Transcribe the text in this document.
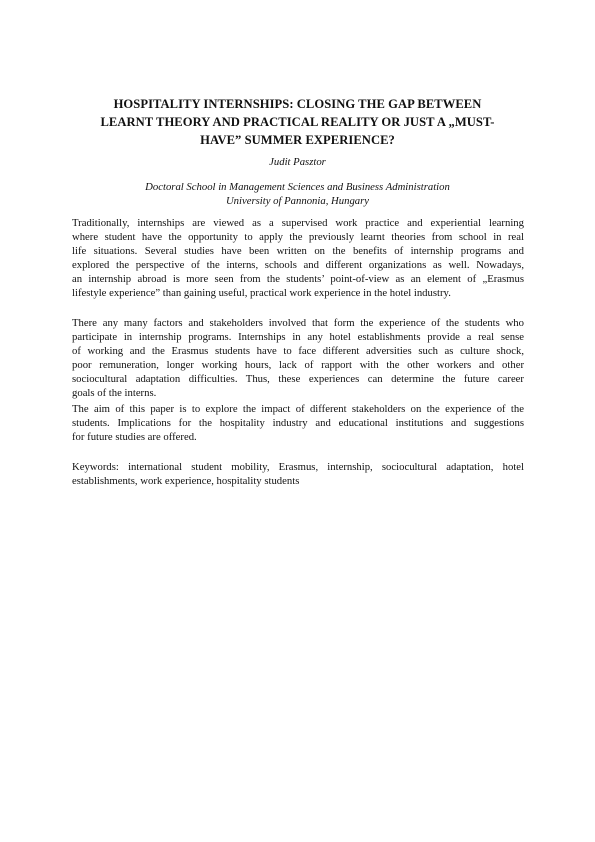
HOSPITALITY INTERNSHIPS: CLOSING THE GAP BETWEEN
LEARNT THEORY AND PRACTICAL REALITY OR JUST A „MUST-
HAVE” SUMMER EXPERIENCE?
Judit Pasztor
Doctoral School in Management Sciences and Business Administration
University of Pannonia, Hungary

Traditionally, internships are viewed as a supervised work practice and experiential learning
where student have the opportunity to apply the previously learnt theories from school in real
life situations. Several studies have been written on the benefits of internship programs and
explored the perspective of the interns, schools and different organizations as well. Nowadays,
an internship abroad is more seen from the students’ point-of-view as an element of „Erasmus
lifestyle experience” than gaining useful, practical work experience in the hotel industry.

There any many factors and stakeholders involved that form the experience of the students who
participate in internship programs. Internships in any hotel establishments provide a real sense
of working and the Erasmus students have to face different adversities such as culture shock,
poor remuneration, longer working hours, lack of rapport with the other workers and other
sociocultural adaptation difficulties. Thus, these experiences can determine the future career
goals of the interns.

The aim of this paper is to explore the impact of different stakeholders on the experience of the
students. Implications for the hospitality industry and educational institutions and suggestions
for future studies are offered.

Keywords: international student mobility, Erasmus, internship, sociocultural adaptation, hotel
establishments, work experience, hospitality students
